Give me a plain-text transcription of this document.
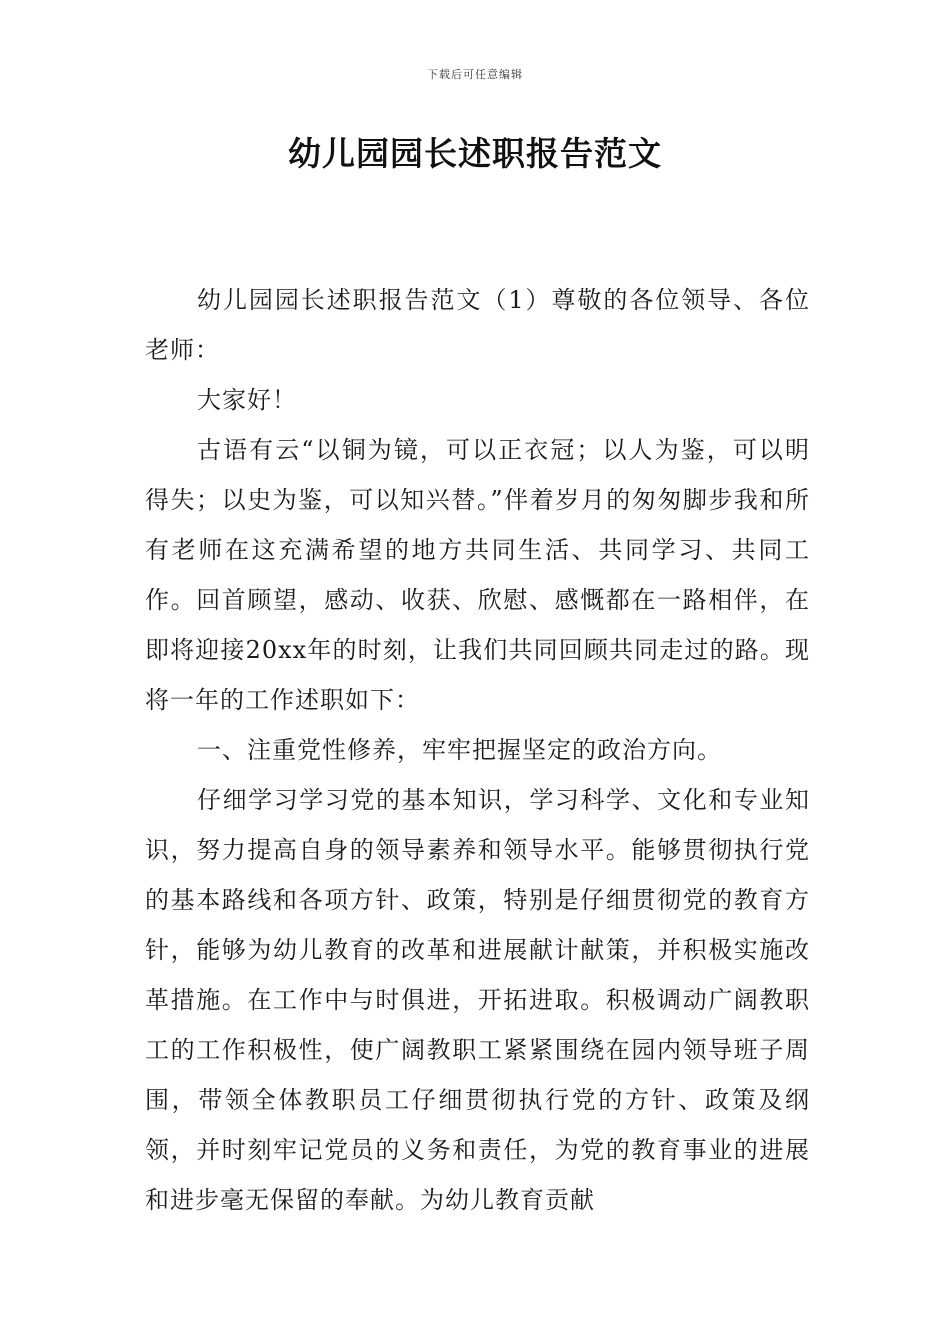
下载后可任意编辑
幼儿园园长述职报告范文

幼儿园园长述职报告范文（1）尊敬的各位领导、各位老师：

大家好！

古语有云“以铜为镜，可以正衣冠；以人为鉴，可以明得失；以史为鉴，可以知兴替。”伴着岁月的匆匆脚步我和所有老师在这充满希望的地方共同生活、共同学习、共同工作。回首顾望，感动、收获、欣慰、感慨都在一路相伴，在即将迎接20xx年的时刻，让我们共同回顾共同走过的路。现将一年的工作述职如下：

一、注重党性修养，牢牢把握坚定的政治方向。

仔细学习学习党的基本知识，学习科学、文化和专业知识，努力提高自身的领导素养和领导水平。能够贯彻执行党的基本路线和各项方针、政策，特别是仔细贯彻党的教育方针，能够为幼儿教育的改革和进展献计献策，并积极实施改革措施。在工作中与时俱进，开拓进取。积极调动广阔教职工的工作积极性，使广阔教职工紧紧围绕在园内领导班子周围，带领全体教职员工仔细贯彻执行党的方针、政策及纲领，并时刻牢记党员的义务和责任，为党的教育事业的进展和进步毫无保留的奉献。为幼儿教育贡献
